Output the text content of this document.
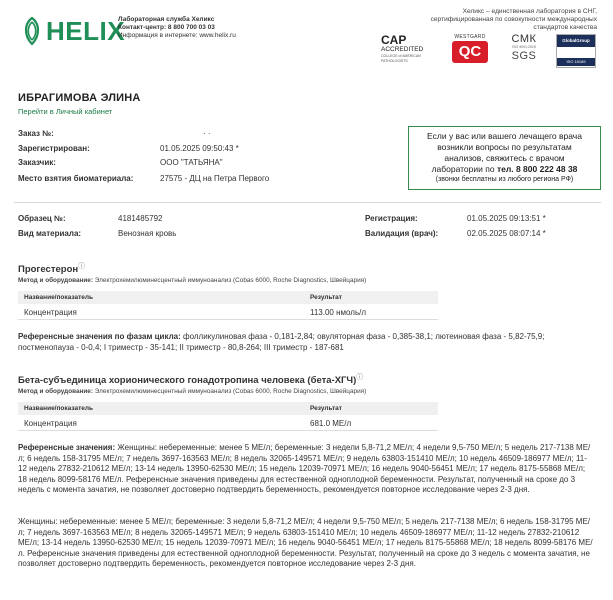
HELIX
Лабораторная служба Хеликс
Контакт-центр: 8 800 700 03 03
Информация в интернете: www.helix.ru
Хеликс – единственная лаборатория в СНГ,
сертифицированная по совокупности международных
стандартов качества
CAP
ACCREDITED
COLLEGE of AMERICAN PATHOLOGISTS
WESTGARD
QC
СМК
ISO 9001:2015
SGS
GlobalGroup
ISO 15189
ИБРАГИМОВА ЭЛИНА
Перейти в Личный кабинет
Заказ №:	· ·
Зарегистрирован:	01.05.2025 09:50:43 *
Заказчик:	ООО "ТАТЬЯНА"
Место взятия биоматериала:	27575 - ДЦ на Петра Первого
Если у вас или вашего лечащего врача
возникли вопросы по результатам
анализов, свяжитесь с врачом
лаборатории по тел. 8 800 222 48 38
(звонки бесплатны из любого региона РФ)
Образец №:	4181485792
Вид материала:	Венозная кровь
Регистрация:	01.05.2025 09:13:51 *
Валидация (врач):	02.05.2025 08:07:14 *
Прогестеронⓘ
Метод и оборудование: Электрохемилюминесцентный иммуноанализ (Cobas 6000, Roche Diagnostics, Швейцария)
Название/показатель	Результат
Концентрация	113.00 нмоль/л
Референсные значения по фазам цикла: фолликулиновая фаза - 0,181-2,84; овуляторная фаза - 0,385-38,1; лютеиновая фаза - 5,82-75,9; постменопауза - 0-0,4; I триместр - 35-141; II триместр - 80,8-264; III триместр - 187-681
Бета-субъединица хорионического гонадотропина человека (бета-ХГЧ)ⓘ
Метод и оборудование: Электрохемилюминесцентный иммуноанализ (Cobas 6000, Roche Diagnostics, Швейцария)
Название/показатель	Результат
Концентрация	681.0 МЕ/л
Референсные значения: Женщины: небеременные: менее 5 МЕ/л; беременные: 3 недели 5,8-71,2 МЕ/л; 4 недели 9,5-750 МЕ/л; 5 недель 217-7138 МЕ/л; 6 недель 158-31795 МЕ/л; 7 недель 3697-163563 МЕ/л; 8 недель 32065-149571 МЕ/л; 9 недель 63803-151410 МЕ/л; 10 недель 46509-186977 МЕ/л; 11-12 недель 27832-210612 МЕ/л; 13-14 недель 13950-62530 МЕ/л; 15 недель 12039-70971 МЕ/л; 16 недель 9040-56451 МЕ/л; 17 недель 8175-55868 МЕ/л; 18 недель 8099-58176 МЕ/л. Референсные значения приведены для естественной одноплодной беременности. Результат, полученный на сроке до 3 недель с момента зачатия, не позволяет достоверно подтвердить беременность, рекомендуется повторное исследование через 2-3 дня.
Женщины: небеременные: менее 5 МЕ/л; беременные: 3 недели 5,8-71,2 МЕ/л; 4 недели 9,5-750 МЕ/л; 5 недель 217-7138 МЕ/л; 6 недель 158-31795 МЕ/л; 7 недель 3697-163563 МЕ/л; 8 недель 32065-149571 МЕ/л; 9 недель 63803-151410 МЕ/л; 10 недель 46509-186977 МЕ/л; 11-12 недель 27832-210612 МЕ/л; 13-14 недель 13950-62530 МЕ/л; 15 недель 12039-70971 МЕ/л; 16 недель 9040-56451 МЕ/л; 17 недель 8175-55868 МЕ/л; 18 недель 8099-58176 МЕ/л. Референсные значения приведены для естественной одноплодной беременности. Результат, полученный на сроке до 3 недель с момента зачатия, не позволяет достоверно подтвердить беременность, рекомендуется повторное исследование через 2-3 дня.
